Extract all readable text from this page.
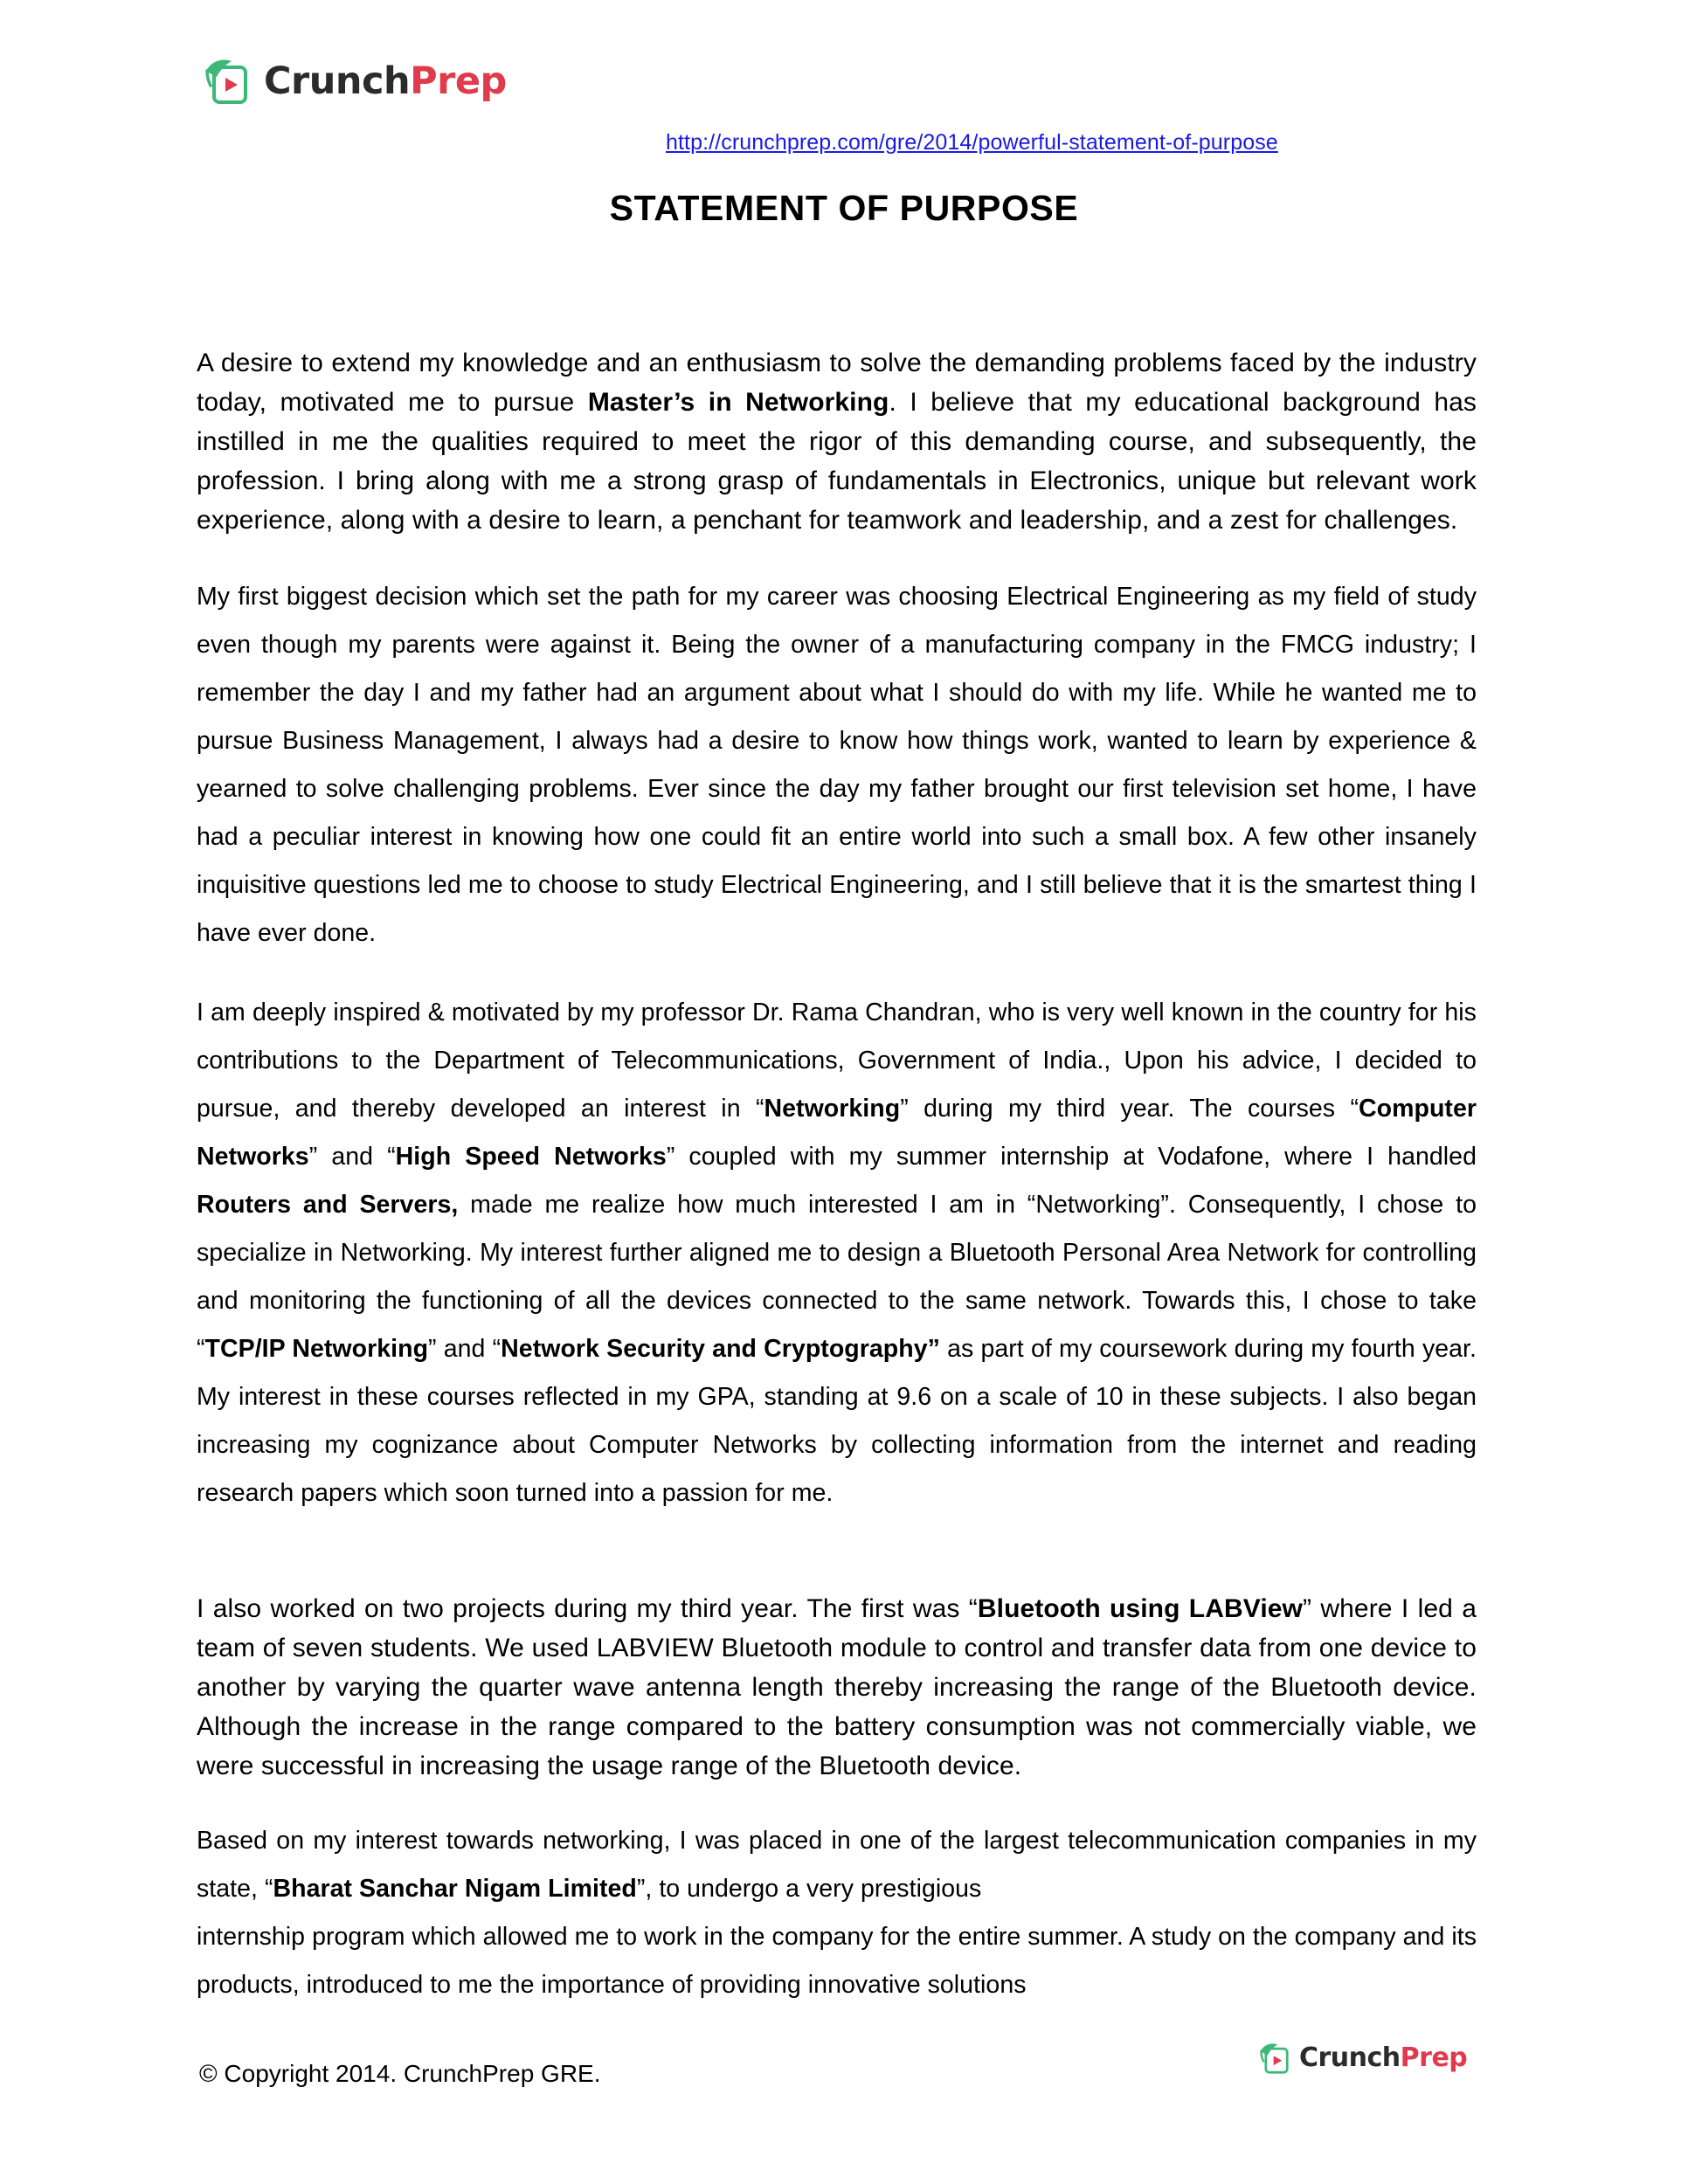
CrunchPrep
http://crunchprep.com/gre/2014/powerful-statement-of-purpose
STATEMENT OF PURPOSE

A desire to extend my knowledge and an enthusiasm to solve the demanding problems faced by the industry today, motivated me to pursue Master’s in Networking. I believe that my educational background has instilled in me the qualities required to meet the rigor of this demanding course, and subsequently, the profession. I bring along with me a strong grasp of fundamentals in Electronics, unique but relevant work experience, along with a desire to learn, a penchant for teamwork and leadership, and a zest for challenges.

My first biggest decision which set the path for my career was choosing Electrical Engineering as my field of study even though my parents were against it. Being the owner of a manufacturing company in the FMCG industry; I remember the day I and my father had an argument about what I should do with my life. While he wanted me to pursue Business Management, I always had a desire to know how things work, wanted to learn by experience & yearned to solve challenging problems. Ever since the day my father brought our first television set home, I have had a peculiar interest in knowing how one could fit an entire world into such a small box. A few other insanely inquisitive questions led me to choose to study Electrical Engineering, and I still believe that it is the smartest thing I have ever done.

I am deeply inspired & motivated by my professor Dr. Rama Chandran, who is very well known in the country for his contributions to the Department of Telecommunications, Government of India., Upon his advice, I decided to pursue, and thereby developed an interest in “Networking” during my third year. The courses “Computer Networks” and “High Speed Networks” coupled with my summer internship at Vodafone, where I handled Routers and Servers, made me realize how much interested I am in “Networking”. Consequently, I chose to specialize in Networking. My interest further aligned me to design a Bluetooth Personal Area Network for controlling and monitoring the functioning of all the devices connected to the same network. Towards this, I chose to take “TCP/IP Networking” and “Network Security and Cryptography” as part of my coursework during my fourth year. My interest in these courses reflected in my GPA, standing at 9.6 on a scale of 10 in these subjects. I also began increasing my cognizance about Computer Networks by collecting information from the internet and reading research papers which soon turned into a passion for me.

I also worked on two projects during my third year. The first was “Bluetooth using LABView” where I led a team of seven students. We used LABVIEW Bluetooth module to control and transfer data from one device to another by varying the quarter wave antenna length thereby increasing the range of the Bluetooth device. Although the increase in the range compared to the battery consumption was not commercially viable, we were successful in increasing the usage range of the Bluetooth device.

Based on my interest towards networking, I was placed in one of the largest telecommunication companies in my state, “Bharat Sanchar Nigam Limited”, to undergo a very prestigious

internship program which allowed me to work in the company for the entire summer. A study on the company and its products, introduced to me the importance of providing innovative solutions

© Copyright 2014. CrunchPrep GRE.
CrunchPrep
